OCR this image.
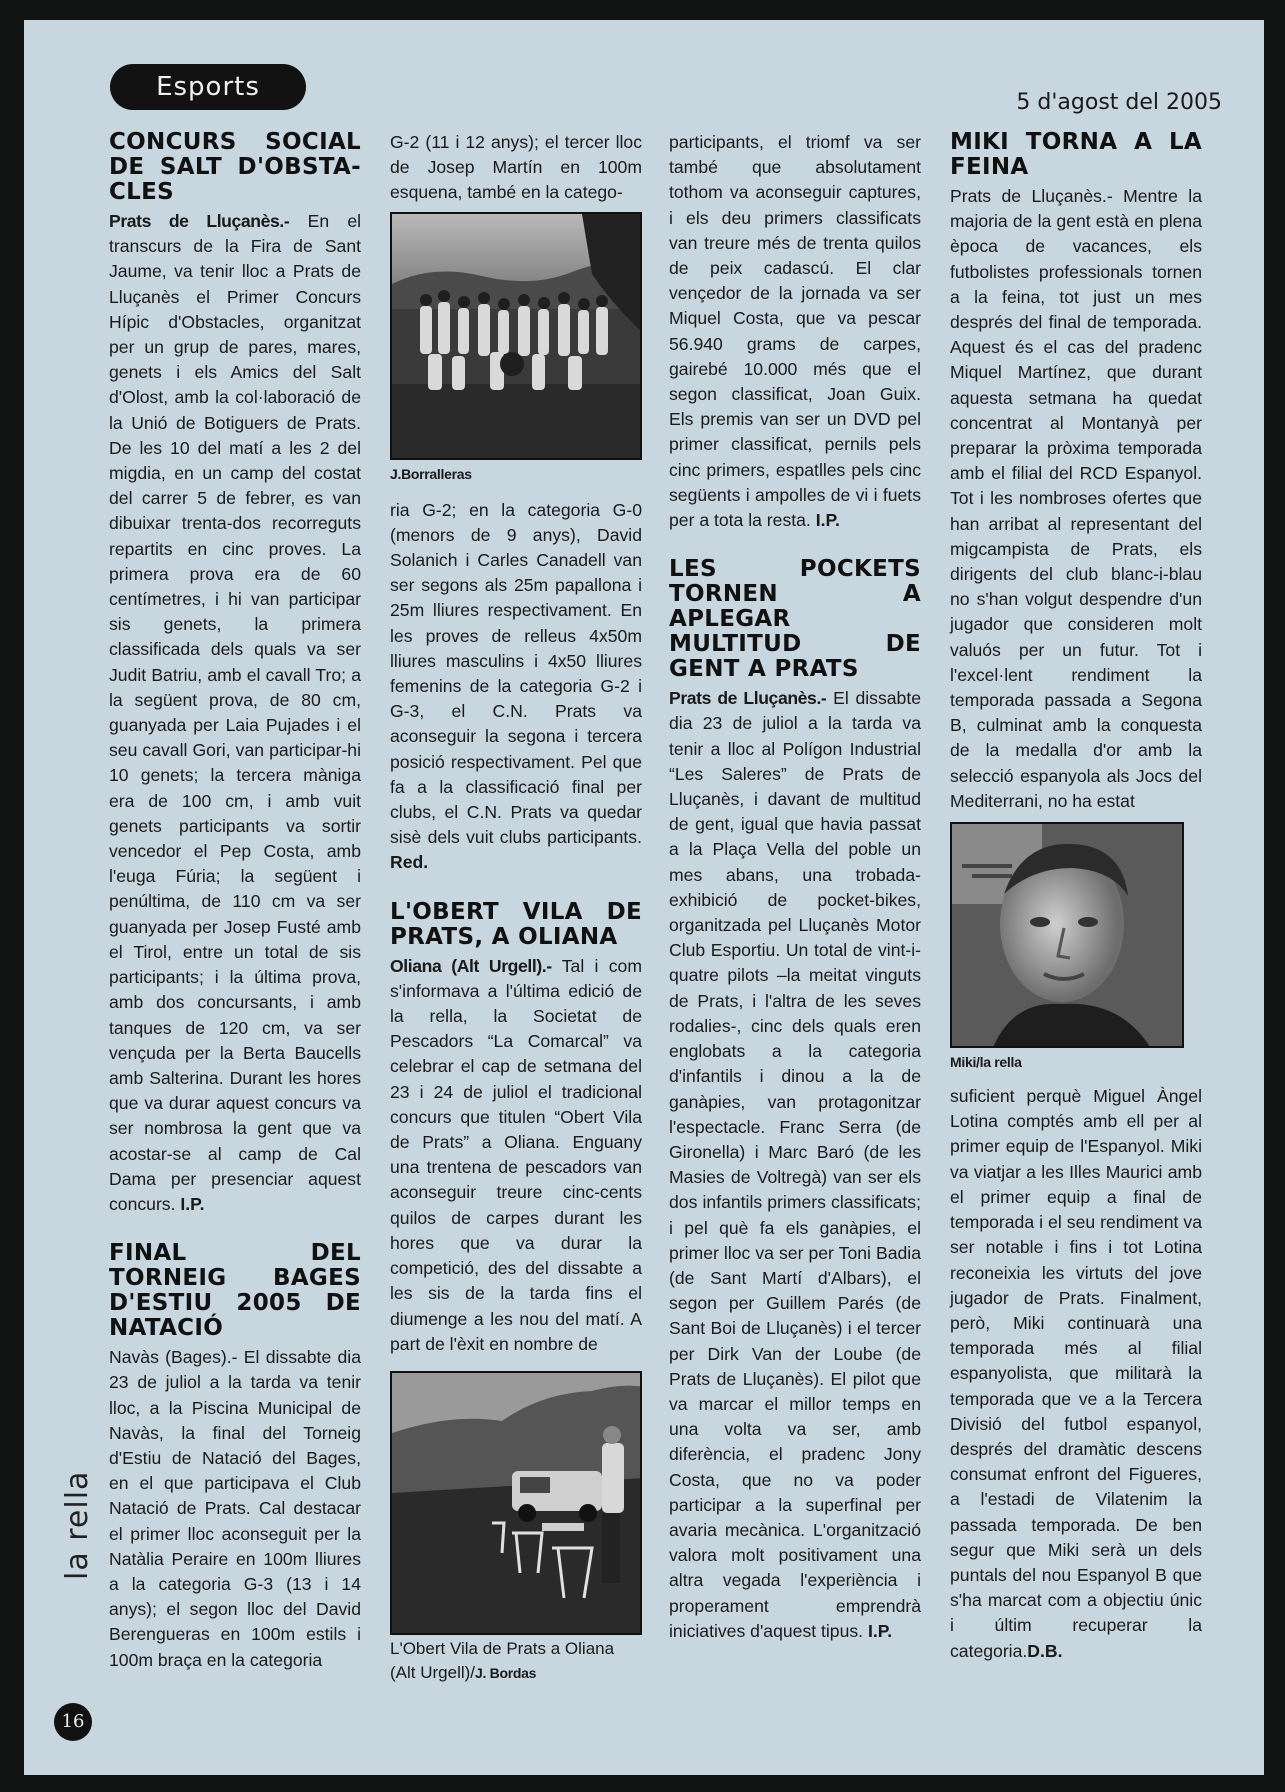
Esports
5 d'agost del 2005
CONCURS SOCIAL DE SALT D'OBSTA-CLES

Prats de Lluçanès.- En el transcurs de la Fira de Sant Jaume, va tenir lloc a Prats de Lluçanès el Primer Concurs Hípic d'Obstacles, organitzat per un grup de pares, mares, genets i els Amics del Salt d'Olost, amb la col·laboració de la Unió de Botiguers de Prats. De les 10 del matí a les 2 del migdia, en un camp del costat del carrer 5 de febrer, es van dibuixar trenta-dos recorreguts repartits en cinc proves. La primera prova era de 60 centímetres, i hi van participar sis genets, la primera classificada dels quals va ser Judit Batriu, amb el cavall Tro; a la següent prova, de 80 cm, guanyada per Laia Pujades i el seu cavall Gori, van participar-hi 10 genets; la tercera màniga era de 100 cm, i amb vuit genets participants va sortir vencedor el Pep Costa, amb l'euga Fúria; la següent i penúltima, de 110 cm va ser guanyada per Josep Fusté amb el Tirol, entre un total de sis participants; i la última prova, amb dos concursants, i amb tanques de 120 cm, va ser vençuda per la Berta Baucells amb Salterina. Durant les hores que va durar aquest concurs va ser nombrosa la gent que va acostar-se al camp de Cal Dama per presenciar aquest concurs. I.P.

FINAL DEL TORNEIG BAGES D'ESTIU 2005 DE NATACIÓ

Navàs (Bages).- El dissabte dia 23 de juliol a la tarda va tenir lloc, a la Piscina Municipal de Navàs, la final del Torneig d'Estiu de Natació del Bages, en el que participava el Club Natació de Prats. Cal destacar el primer lloc aconseguit per la Natàlia Peraire en 100m lliures a la categoria G-3 (13 i 14 anys); el segon lloc del David Berengueras en 100m estils i 100m braça en la categoria

G-2 (11 i 12 anys); el tercer lloc de Josep Martín en 100m esquena, també en la catego-

J.Borralleras

ria G-2; en la categoria G-0 (menors de 9 anys), David Solanich i Carles Canadell van ser segons als 25m papallona i 25m lliures respectivament. En les proves de relleus 4x50m lliures masculins i 4x50 lliures femenins de la categoria G-2 i G-3, el C.N. Prats va aconseguir la segona i tercera posició respectivament. Pel que fa a la classificació final per clubs, el C.N. Prats va quedar sisè dels vuit clubs participants. Red.

L'OBERT VILA DE PRATS, A OLIANA

Oliana (Alt Urgell).- Tal i com s'informava a l'última edició de la rella, la Societat de Pescadors “La Comarcal” va celebrar el cap de setmana del 23 i 24 de juliol el tradicional concurs que titulen “Obert Vila de Prats” a Oliana. Enguany una trentena de pescadors van aconseguir treure cinc-cents quilos de carpes durant les hores que va durar la competició, des del dissabte a les sis de la tarda fins el diumenge a les nou del matí. A part de l'èxit en nombre de

L'Obert Vila de Prats a Oliana (Alt Urgell)/J. Bordas

participants, el triomf va ser també que absolutament tothom va aconseguir captures, i els deu primers classificats van treure més de trenta quilos de peix cadascú. El clar vençedor de la jornada va ser Miquel Costa, que va pescar 56.940 grams de carpes, gairebé 10.000 més que el segon classificat, Joan Guix. Els premis van ser un DVD pel primer classificat, pernils pels cinc primers, espatlles pels cinc següents i ampolles de vi i fuets per a tota la resta. I.P.

LES POCKETS TORNEN A APLEGAR MULTITUD DE GENT A PRATS

Prats de Lluçanès.- El dissabte dia 23 de juliol a la tarda va tenir a lloc al Polígon Industrial “Les Saleres” de Prats de Lluçanès, i davant de multitud de gent, igual que havia passat a la Plaça Vella del poble un mes abans, una trobada-exhibició de pocket-bikes, organitzada pel Lluçanès Motor Club Esportiu. Un total de vint-i-quatre pilots –la meitat vinguts de Prats, i l'altra de les seves rodalies-, cinc dels quals eren englobats a la categoria d'infantils i dinou a la de ganàpies, van protagonitzar l'espectacle. Franc Serra (de Gironella) i Marc Baró (de les Masies de Voltregà) van ser els dos infantils primers classificats; i pel què fa els ganàpies, el primer lloc va ser per Toni Badia (de Sant Martí d'Albars), el segon per Guillem Parés (de Sant Boi de Lluçanès) i el tercer per Dirk Van der Loube (de Prats de Lluçanès). El pilot que va marcar el millor temps en una volta va ser, amb diferència, el pradenc Jony Costa, que no va poder participar a la superfinal per avaria mecànica. L'organització valora molt positivament una altra vegada l'experiència i properament emprendrà iniciatives d'aquest tipus. I.P.

MIKI TORNA A LA FEINA

Prats de Lluçanès.- Mentre la majoria de la gent està en plena època de vacances, els futbolistes professionals tornen a la feina, tot just un mes després del final de temporada. Aquest és el cas del pradenc Miquel Martínez, que durant aquesta setmana ha quedat concentrat al Montanyà per preparar la pròxima temporada amb el filial del RCD Espanyol. Tot i les nombroses ofertes que han arribat al representant del migcampista de Prats, els dirigents del club blanc-i-blau no s'han volgut despendre d'un jugador que consideren molt valuós per un futur. Tot i l'excel·lent rendiment la temporada passada a Segona B, culminat amb la conquesta de la medalla d'or amb la selecció espanyola als Jocs del Mediterrani, no ha estat

Miki/la rella

suficient perquè Miguel Àngel Lotina comptés amb ell per al primer equip de l'Espanyol. Miki va viatjar a les Illes Maurici amb el primer equip a final de temporada i el seu rendiment va ser notable i fins i tot Lotina reconeixia les virtuts del jove jugador de Prats. Finalment, però, Miki continuarà una temporada més al filial espanyolista, que militarà la temporada que ve a la Tercera Divisió del futbol espanyol, després del dramàtic descens consumat enfront del Figueres, a l'estadi de Vilatenim la passada temporada. De ben segur que Miki serà un dels puntals del nou Espanyol B que s'ha marcat com a objectiu únic i últim recuperar la categoria.D.B.

la rella
16
